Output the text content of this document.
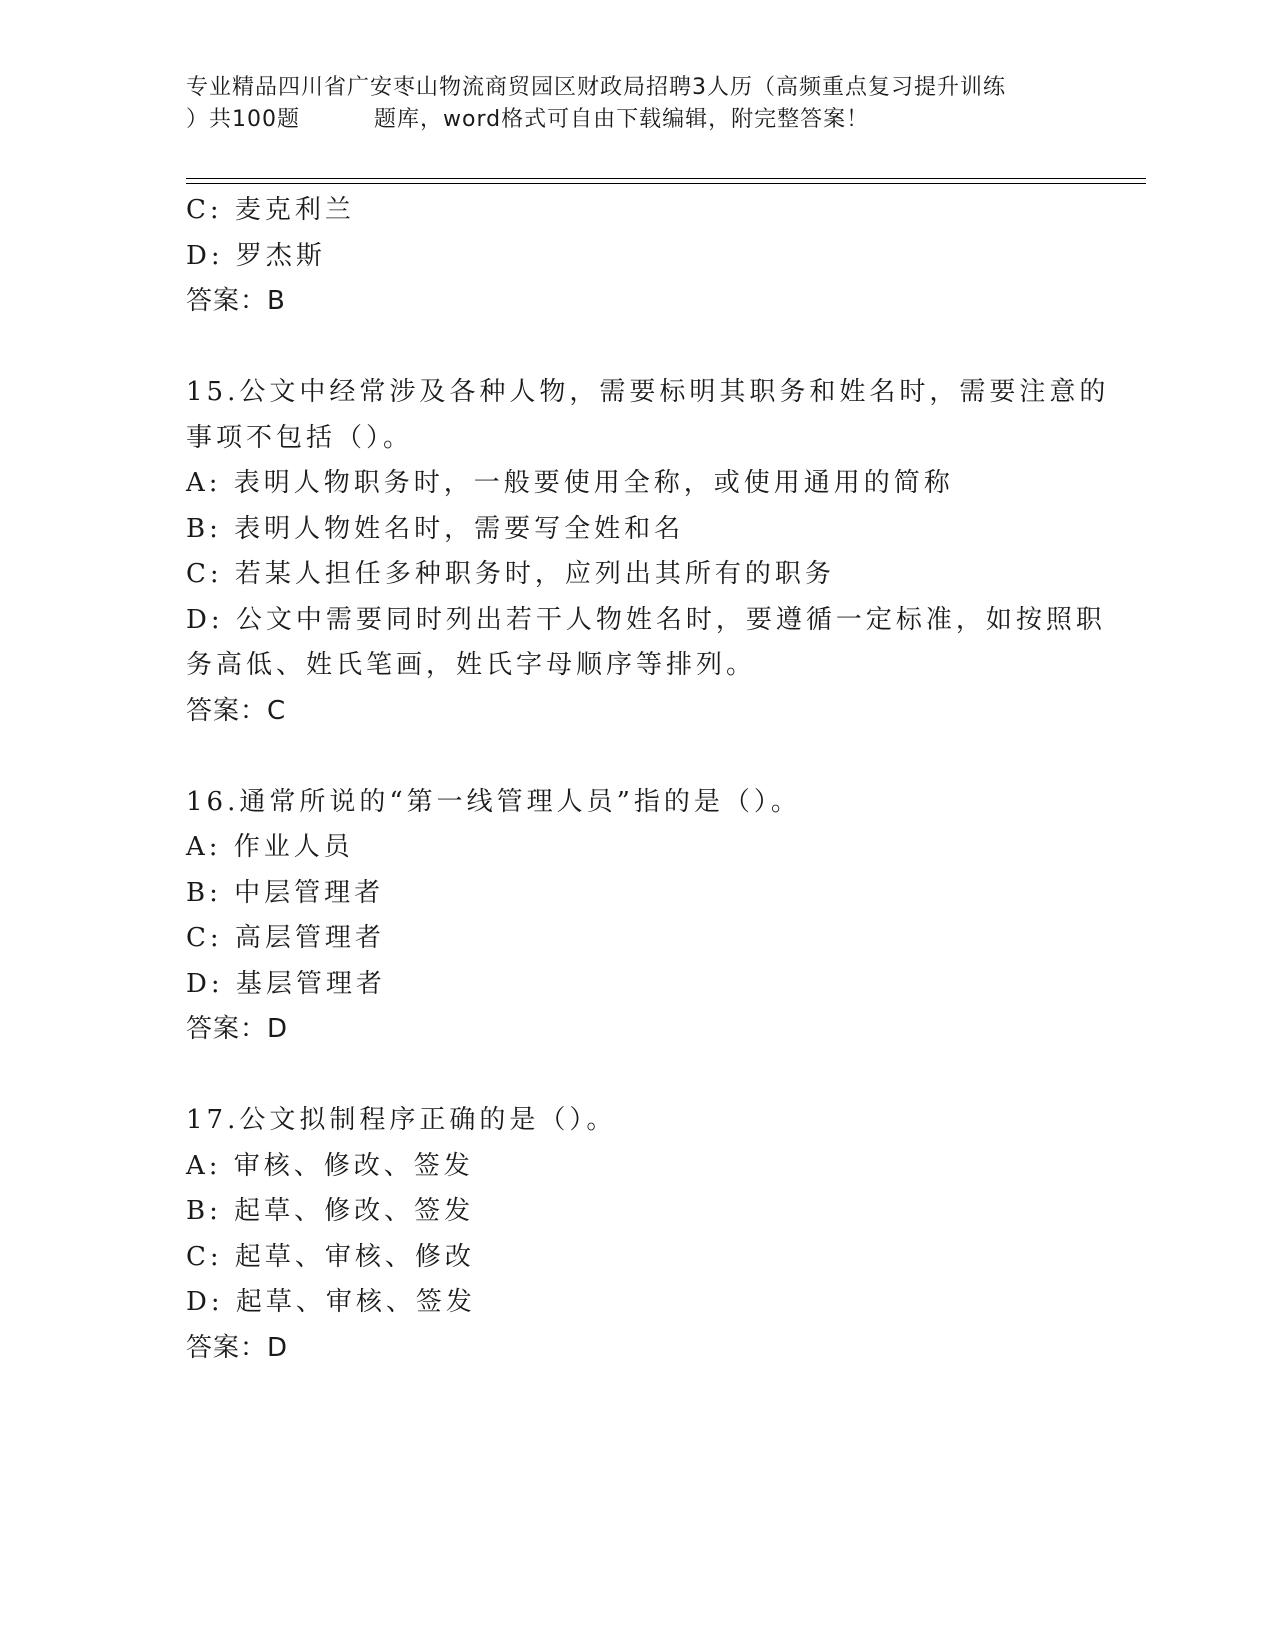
专业精品四川省广安枣山物流商贸园区财政局招聘3人历（高频重点复习提升训练
）共100题	题库，word格式可自由下载编辑，附完整答案！
C: 麦克利兰
D: 罗杰斯
答案：B
15.公文中经常涉及各种人物，需要标明其职务和姓名时，需要注意的
事项不包括（）。
A: 表明人物职务时，一般要使用全称，或使用通用的简称
B: 表明人物姓名时，需要写全姓和名
C: 若某人担任多种职务时，应列出其所有的职务
D: 公文中需要同时列出若干人物姓名时，要遵循一定标准，如按照职
务高低、姓氏笔画，姓氏字母顺序等排列。
答案：C
16.通常所说的“第一线管理人员”指的是（）。
A: 作业人员
B: 中层管理者
C: 高层管理者
D: 基层管理者
答案：D
17.公文拟制程序正确的是（）。
A: 审核、修改、签发
B: 起草、修改、签发
C: 起草、审核、修改
D: 起草、审核、签发
答案：D
